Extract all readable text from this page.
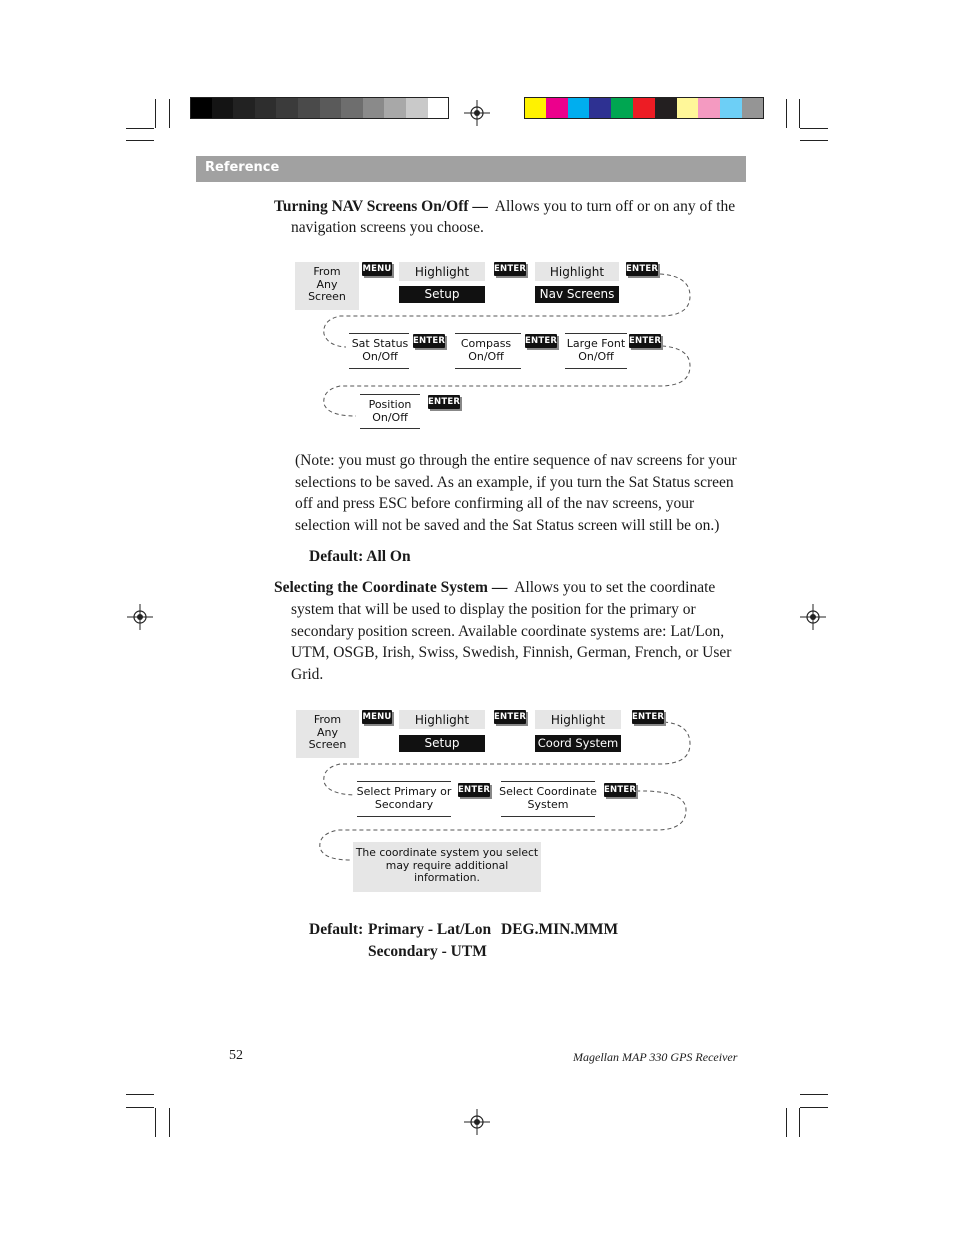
Reference
Turning NAV Screens On/Off — Allows you to turn off or on any of the
navigation screens you choose.
From
Any
Screen
MENU	Highlight
Setup
ENTER	Highlight
Nav Screens
ENTER
Sat Status
On/Off
ENTER	Compass
On/Off
ENTER Large Font
On/Off
ENTER
Position
On/Off
ENTER
(Note: you must go through the entire sequence of nav screens for your
selections to be saved. As an example, if you turn the Sat Status screen
off and press ESC before confirming all of the nav screens, your
selection will not be saved and the Sat Status screen will still be on.)
Default: All On
Selecting the Coordinate System — Allows you to set the coordinate
system that will be used to display the position for the primary or
secondary position screen. Available coordinate systems are: Lat/Lon,
UTM, OSGB, Irish, Swiss, Swedish, Finnish, German, French, or User
Grid.
From
Any
Screen
MENU	Highlight
Setup
ENTER	Highlight
Coord System
ENTER
Select Primary or
Secondary
ENTER Select Coordinate
System
ENTER
The coordinate system you select
may require additional
information.
Default: Primary - Lat/Lon DEG.MIN.MMM
Secondary - UTM
52	Magellan MAP 330 GPS Receiver
